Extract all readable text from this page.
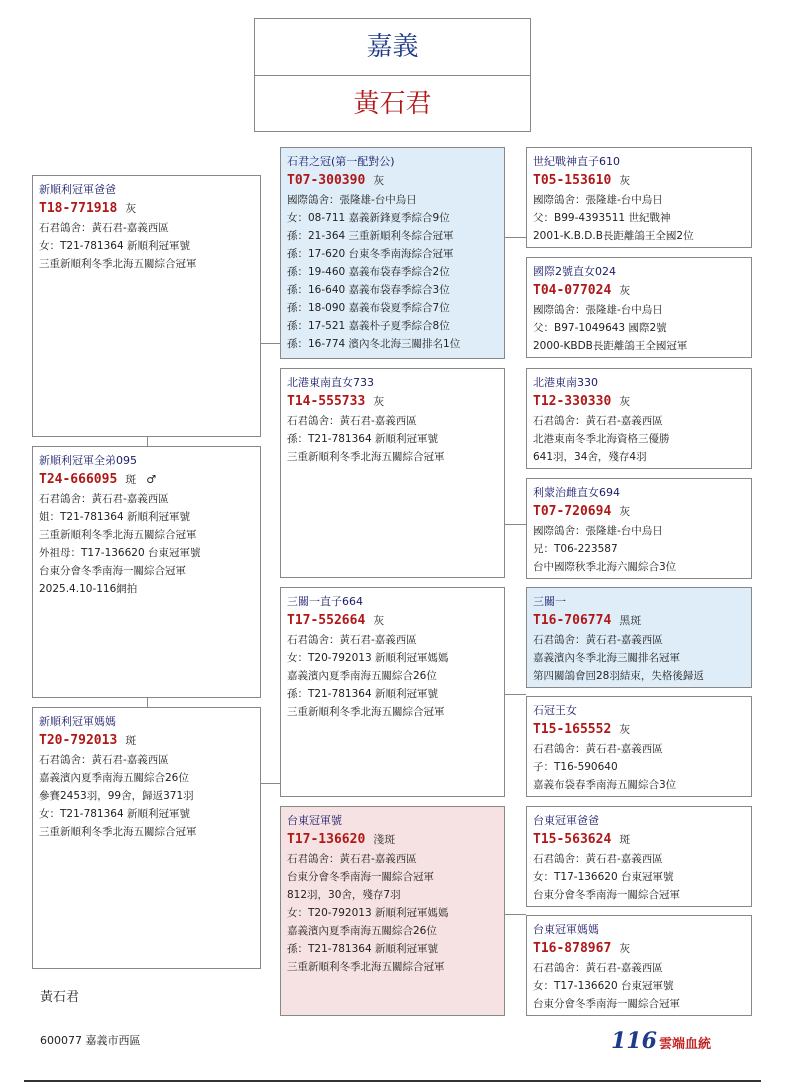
嘉義
黃石君
新順利冠軍爸爸
T18-771918 灰
石君鴿舍：黃石君-嘉義西區
女：T21-781364 新順利冠軍號
三重新順利冬季北海五關綜合冠軍
新順利冠軍全弟095
T24-666095 斑 ♂
石君鴿舍：黃石君-嘉義西區
姐：T21-781364 新順利冠軍號
三重新順利冬季北海五關綜合冠軍
外祖母：T17-136620 台東冠軍號
台東分會冬季南海一關綜合冠軍
2025.4.10-116網拍
新順利冠軍媽媽
T20-792013 斑
石君鴿舍：黃石君-嘉義西區
嘉義濱內夏季南海五關綜合26位
參賽2453羽，99舍，歸返371羽
女：T21-781364 新順利冠軍號
三重新順利冬季北海五關綜合冠軍
石君之冠(第一配對公)
T07-300390 灰
國際鴿舍：張隆雄-台中烏日
女：08-711 嘉義新鋒夏季綜合9位
孫：21-364 三重新順利冬綜合冠軍
孫：17-620 台東冬季南海綜合冠軍
孫：19-460 嘉義布袋春季綜合2位
孫：16-640 嘉義布袋春季綜合3位
孫：18-090 嘉義布袋夏季綜合7位
孫：17-521 嘉義朴子夏季綜合8位
孫：16-774 濱內冬北海三關排名1位
北港東南直女733
T14-555733 灰
石君鴿舍：黃石君-嘉義西區
孫：T21-781364 新順利冠軍號
三重新順利冬季北海五關綜合冠軍
三關一直子664
T17-552664 灰
石君鴿舍：黃石君-嘉義西區
女：T20-792013 新順利冠軍媽媽
嘉義濱內夏季南海五關綜合26位
孫：T21-781364 新順利冠軍號
三重新順利冬季北海五關綜合冠軍
台東冠軍號
T17-136620 淺斑
石君鴿舍：黃石君-嘉義西區
台東分會冬季南海一關綜合冠軍
812羽，30舍，殘存7羽
女：T20-792013 新順利冠軍媽媽
嘉義濱內夏季南海五關綜合26位
孫：T21-781364 新順利冠軍號
三重新順利冬季北海五關綜合冠軍
世紀戰神直子610
T05-153610 灰
國際鴿舍：張隆雄-台中烏日
父：B99-4393511 世紀戰神
2001-K.B.D.B長距離鴿王全國2位
國際2號直女024
T04-077024 灰
國際鴿舍：張隆雄-台中烏日
父：B97-1049643 國際2號
2000-KBDB長距離鴿王全國冠軍
北港東南330
T12-330330 灰
石君鴿舍：黃石君-嘉義西區
北港東南冬季北海資格三優勝
641羽，34舍，殘存4羽
利蒙治雌直女694
T07-720694 灰
國際鴿舍：張隆雄-台中烏日
兄：T06-223587
台中國際秋季北海六關綜合3位
三關一
T16-706774 黑斑
石君鴿舍：黃石君-嘉義西區
嘉義濱內冬季北海三關排名冠軍
第四關鴿會回28羽結束，失格後歸返
石冠王女
T15-165552 灰
石君鴿舍：黃石君-嘉義西區
子：T16-590640
嘉義布袋春季南海五關綜合3位
台東冠軍爸爸
T15-563624 斑
石君鴿舍：黃石君-嘉義西區
女：T17-136620 台東冠軍號
台東分會冬季南海一關綜合冠軍
台東冠軍媽媽
T16-878967 灰
石君鴿舍：黃石君-嘉義西區
女：T17-136620 台東冠軍號
台東分會冬季南海一關綜合冠軍
黃石君
600077 嘉義市西區	116 雲端血統
